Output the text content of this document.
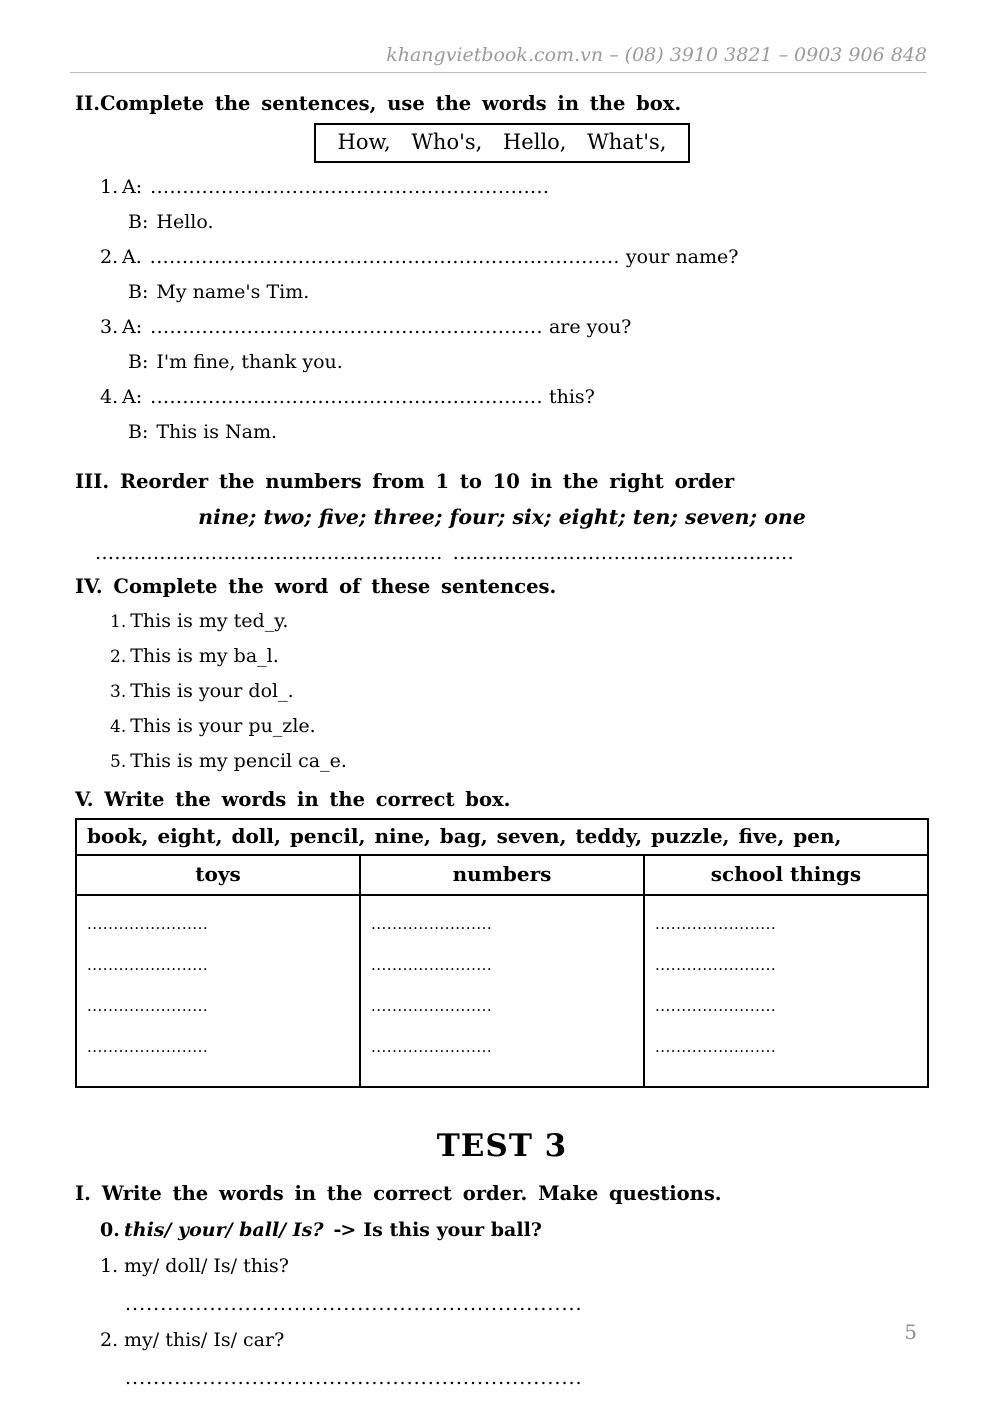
khangvietbook.com.vn – (08) 3910 3821 – 0903 906 848

II.Complete the sentences, use the words in the box.

How, Who's, Hello, What's,
1. A: ..............................................................
B: Hello.
2. A. ......................................................................... your name?
B: My name's Tim.
3. A: ............................................................. are you?
B: I'm fine, thank you.
4. A: ............................................................. this?
B: This is Nam.

III. Reorder the numbers from 1 to 10 in the right order

nine; two; five; three; four; six; eight; ten; seven; one
...................................................... .....................................................

IV. Complete the word of these sentences.

1. This is my ted_y.
2. This is my ba_l.
3. This is your dol_.
4. This is your pu_zle.
5. This is my pencil ca_e.

V. Write the words in the correct box.

book, eight, doll, pencil, nine, bag, seven, teddy, puzzle, five, pen,		
toys	numbers	school things

.......................
.......................
.......................
.......................

.......................
.......................
.......................
.......................

.......................
.......................
.......................
.......................
TEST 3

I. Write the words in the correct order. Make questions.

0. this/ your/ ball/ Is? -> Is this your ball?
1. my/ doll/ Is/ this?
.................................................................
2. my/ this/ Is/ car?
.................................................................
5
